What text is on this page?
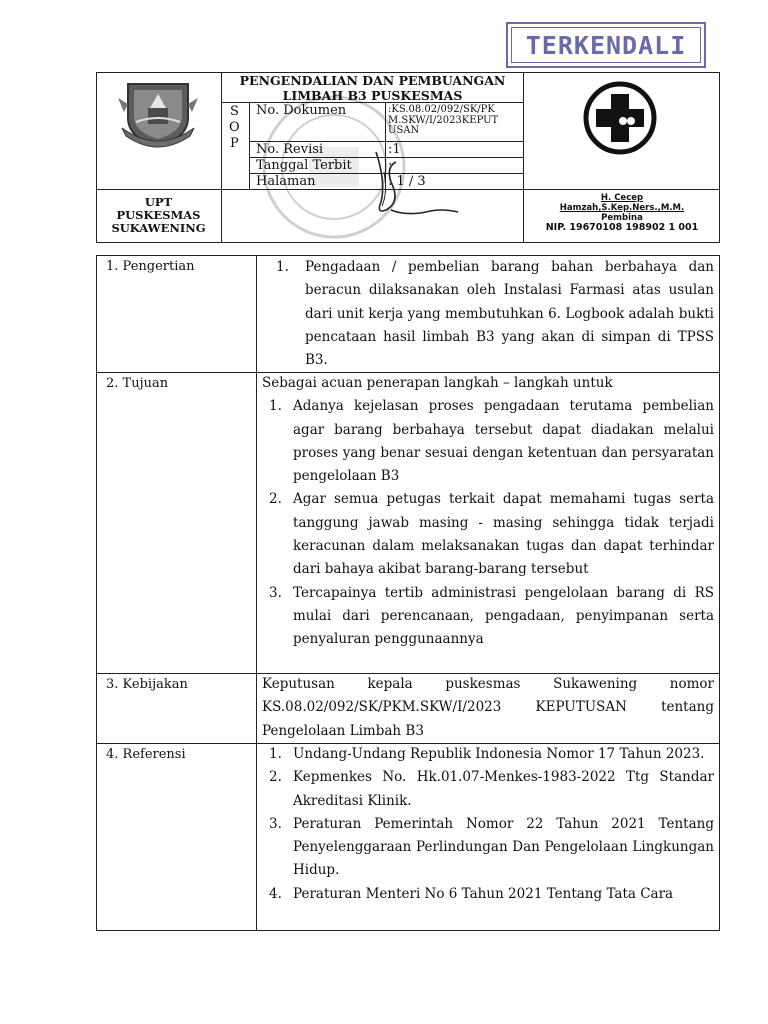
TERKENDALI
PENGENDALIAN DAN PEMBUANGAN
LIMBAH B3 PUSKESMAS
S
O
P
No. Dokumen	:KS.08.02/092/SK/PK
M.SKW/I/2023KEPUT
USAN
No. Revisi	:1
Tanggal Terbit	:
Halaman	: 1 / 3
UPT
PUSKESMAS
SUKAWENING
H. Cecep
Hamzah,S.Kep.Ners.,M.M.
Pembina
NIP. 19670108 198902 1 001
1. Pengertian	1. Pengadaan / pembelian barang bahan berbahaya dan beracun dilaksanakan oleh Instalasi Farmasi atas usulan dari unit kerja yang membutuhkan 6. Logbook adalah bukti pencataan hasil limbah B3 yang akan di simpan di TPSS B3.
2. Tujuan	Sebagai acuan penerapan langkah – langkah untuk
1. Adanya kejelasan proses pengadaan terutama pembelian agar barang berbahaya tersebut dapat diadakan melalui proses yang benar sesuai dengan ketentuan dan persyaratan pengelolaan B3
2. Agar semua petugas terkait dapat memahami tugas serta tanggung jawab masing - masing sehingga tidak terjadi keracunan dalam melaksanakan tugas dan dapat terhindar dari bahaya akibat barang-barang tersebut
3. Tercapainya tertib administrasi pengelolaan barang di RS mulai dari perencanaan, pengadaan, penyimpanan serta penyaluran penggunaannya
3. Kebijakan	Keputusan kepala puskesmas Sukawening nomor KS.08.02/092/SK/PKM.SKW/I/2023 KEPUTUSAN tentang Pengelolaan Limbah B3
4. Referensi	1. Undang-Undang Republik Indonesia Nomor 17 Tahun 2023.
2. Kepmenkes No. Hk.01.07-Menkes-1983-2022 Ttg Standar Akreditasi Klinik.
3. Peraturan Pemerintah Nomor 22 Tahun 2021 Tentang Penyelenggaraan Perlindungan Dan Pengelolaan Lingkungan Hidup.
4. Peraturan Menteri No 6 Tahun 2021 Tentang Tata Cara
